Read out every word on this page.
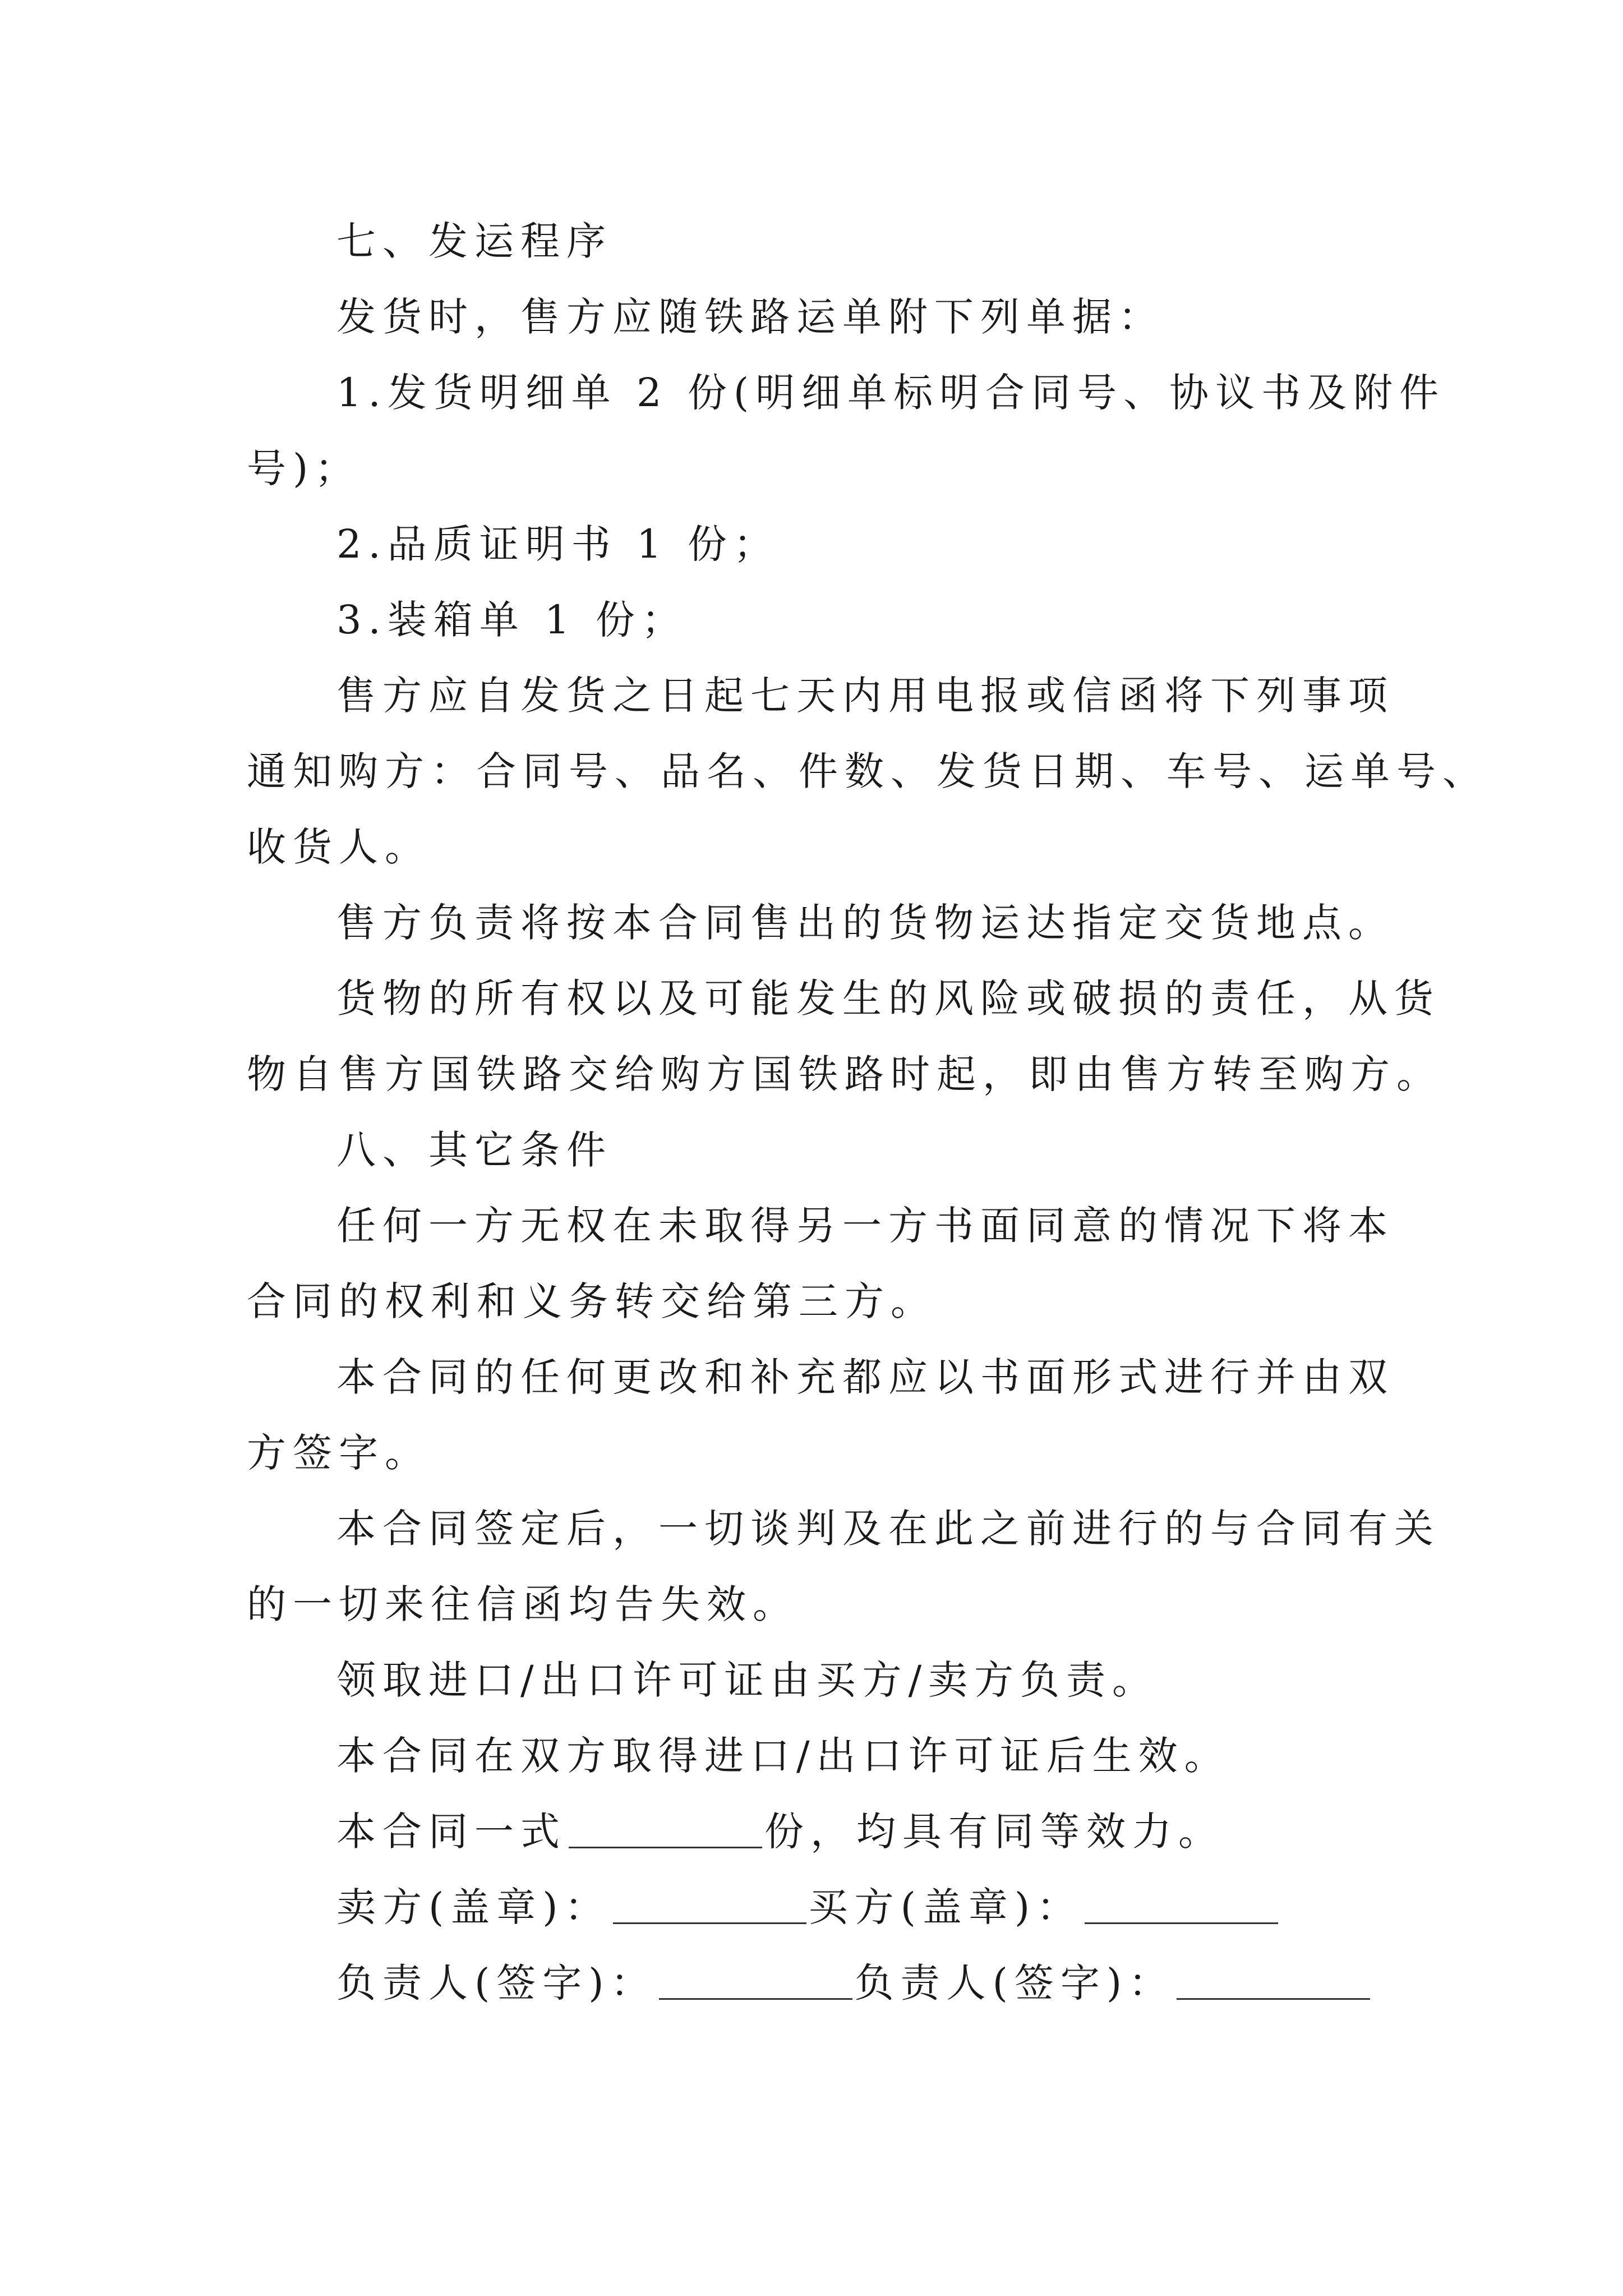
七、发运程序
发货时，售方应随铁路运单附下列单据：
1.发货明细单 2 份(明细单标明合同号、协议书及附件
号)；
2.品质证明书 1 份；
3.装箱单 1 份；
售方应自发货之日起七天内用电报或信函将下列事项
通知购方：合同号、品名、件数、发货日期、车号、运单号、
收货人。
售方负责将按本合同售出的货物运达指定交货地点。
货物的所有权以及可能发生的风险或破损的责任，从货
物自售方国铁路交给购方国铁路时起，即由售方转至购方。
八、其它条件
任何一方无权在未取得另一方书面同意的情况下将本
合同的权利和义务转交给第三方。
本合同的任何更改和补充都应以书面形式进行并由双
方签字。
本合同签定后，一切谈判及在此之前进行的与合同有关
的一切来往信函均告失效。
领取进口/出口许可证由买方/卖方负责。
本合同在双方取得进口/出口许可证后生效。
本合同一式	份，均具有同等效力。
卖方(盖章)：	买方(盖章)：
负责人(签字)：	负责人(签字)：
